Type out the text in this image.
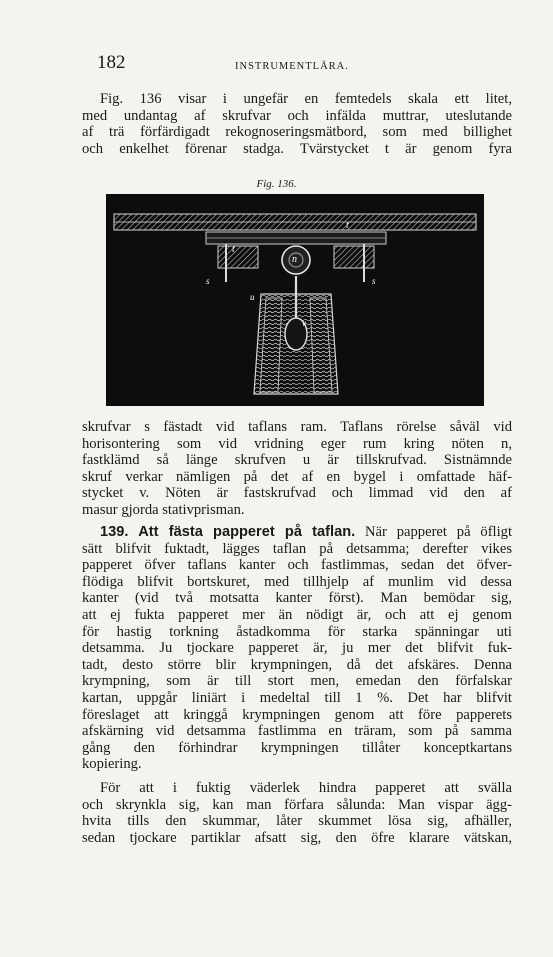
182	INSTRUMENTLÄRA.
Fig. 136 visar i ungefär en femtedels skala ett litet,
med undantag af skrufvar och infälda muttrar, uteslutande
af trä förfärdigadt rekognoseringsmätbord, som med billighet
och enkelhet förenar stadga. Tvärstycket t är genom fyra
Fig. 136.
t
t
n
s	s
u
v
skrufvar s fästadt vid taflans ram. Taflans rörelse såväl vid
horisontering som vid vridning eger rum kring nöten n,
fastklämd så länge skrufven u är tillskrufvad. Sistnämnde
skruf verkar nämligen på det af en bygel i omfattade häf-
stycket v. Nöten är fastskrufvad och limmad vid den af
masur gjorda stativprisman.
139. Att fästa papperet på taflan. När papperet på öfligt
sätt blifvit fuktadt, lägges taflan på detsamma; derefter vikes
papperet öfver taflans kanter och fastlimmas, sedan det öfver-
flödiga blifvit bortskuret, med tillhjelp af munlim vid dessa
kanter (vid två motsatta kanter först). Man bemödar sig,
att ej fukta papperet mer än nödigt är, och att ej genom
för hastig torkning åstadkomma för starka spänningar uti
detsamma. Ju tjockare papperet är, ju mer det blifvit fuk-
tadt, desto större blir krympningen, då det afskäres. Denna
krympning, som är till stort men, emedan den förfalskar
kartan, uppgår liniärt i medeltal till 1 %. Det har blifvit
föreslaget att kringgå krympningen genom att före papperets
afskärning vid detsamma fastlimma en träram, som på samma
gång den förhindrar krympningen tillåter konceptkartans
kopiering.
För att i fuktig väderlek hindra papperet att svälla
och skrynkla sig, kan man förfara sålunda: Man vispar ägg-
hvita tills den skummar, låter skummet lösa sig, afhäller,
sedan tjockare partiklar afsatt sig, den öfre klarare vätskan,
